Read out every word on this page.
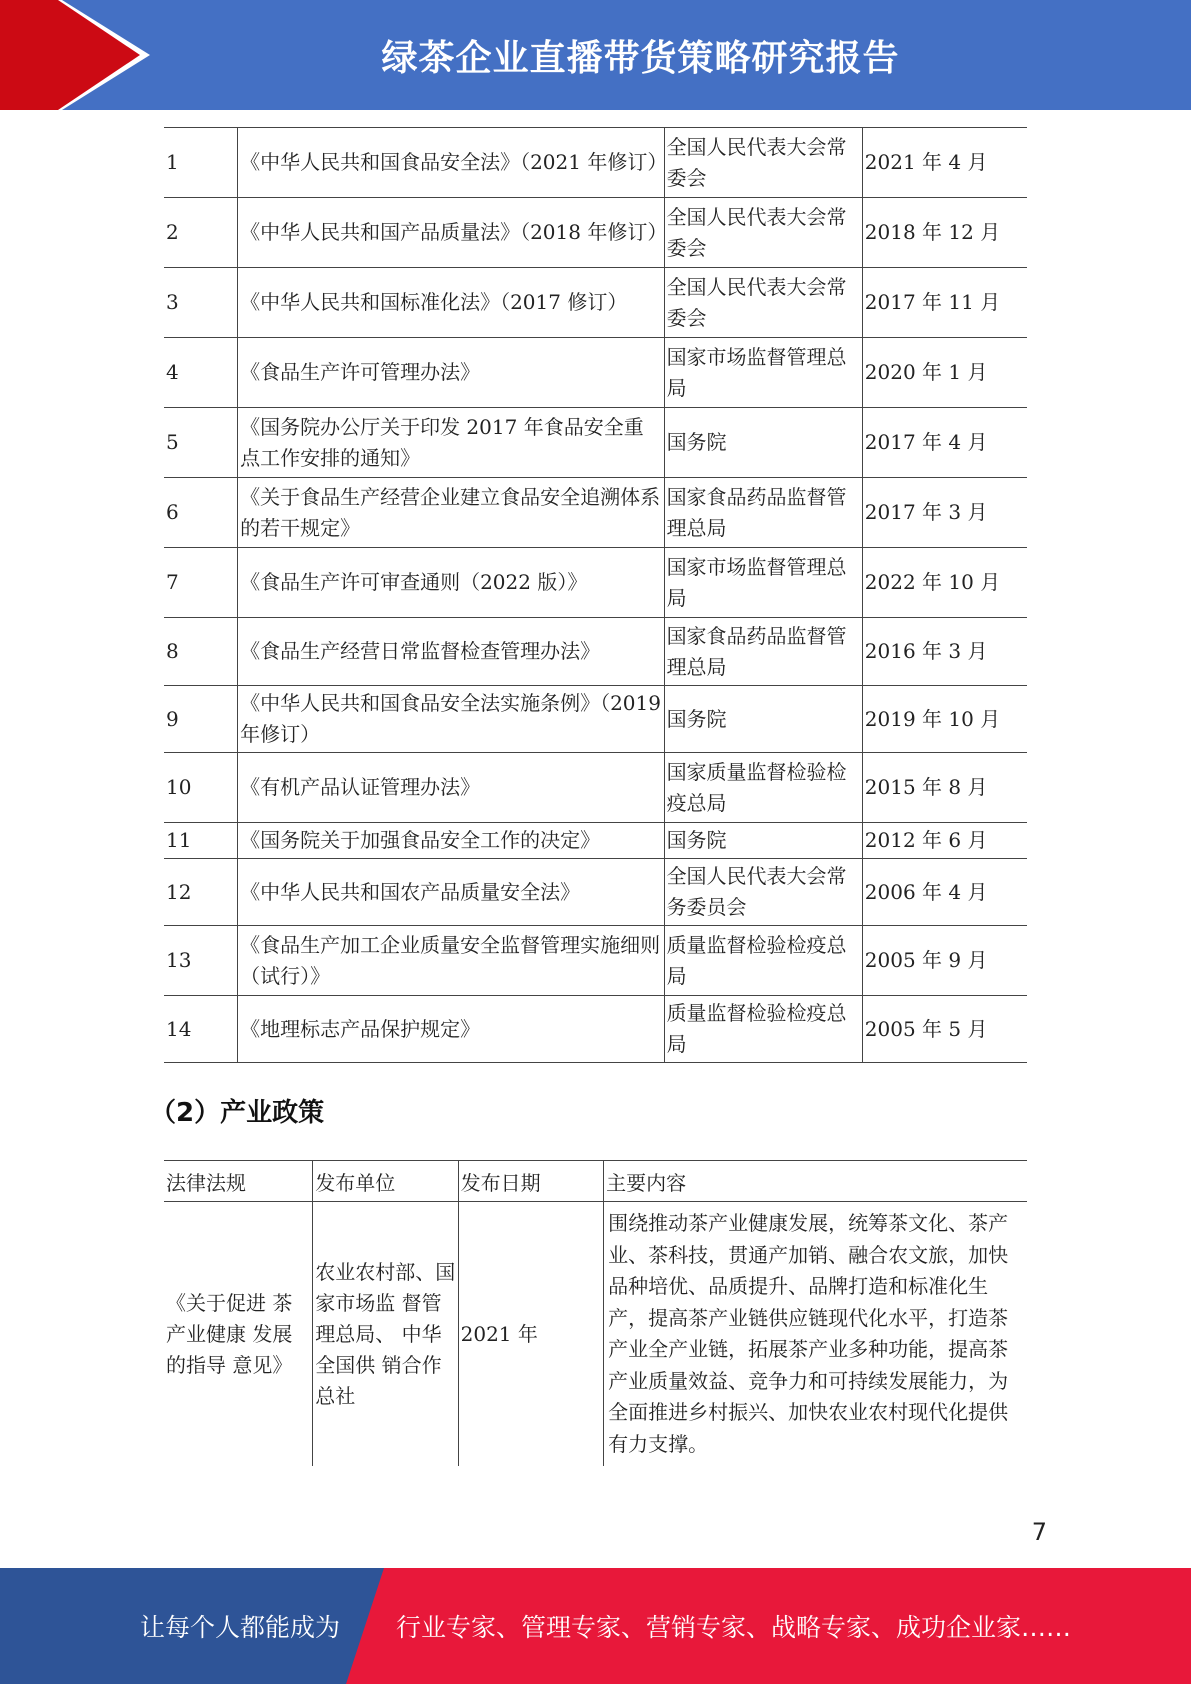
绿茶企业直播带货策略研究报告
1	《中华人民共和国食品安全法》（2021 年修订）	全国人民代表大会常委会	2021 年 4 月
2	《中华人民共和国产品质量法》（2018 年修订）	全国人民代表大会常委会	2018 年 12 月
3	《中华人民共和国标准化法》（2017 修订）	全国人民代表大会常委会	2017 年 11 月
4	《食品生产许可管理办法》	国家市场监督管理总局	2020 年 1 月
5	《国务院办公厅关于印发 2017 年食品安全重点工作安排的通知》	国务院	2017 年 4 月
6	《关于食品生产经营企业建立食品安全追溯体系的若干规定》	国家食品药品监督管理总局	2017 年 3 月
7	《食品生产许可审查通则（2022 版）》	国家市场监督管理总局	2022 年 10 月
8	《食品生产经营日常监督检查管理办法》	国家食品药品监督管理总局	2016 年 3 月
9	《中华人民共和国食品安全法实施条例》（2019 年修订）	国务院	2019 年 10 月
10	《有机产品认证管理办法》	国家质量监督检验检疫总局	2015 年 8 月
11	《国务院关于加强食品安全工作的决定》	国务院	2012 年 6 月
12	《中华人民共和国农产品质量安全法》	全国人民代表大会常务委员会	2006 年 4 月
13	《食品生产加工企业质量安全监督管理实施细则（试行）》	质量监督检验检疫总局	2005 年 9 月
14	《地理标志产品保护规定》	质量监督检验检疫总局	2005 年 5 月
（2）产业政策
法律法规	发布单位	发布日期	主要内容
《关于促进 茶产业健康 发展的指导 意见》	农业农村部、国家市场监 督管理总局、 中华全国供 销合作总社	2021 年	围绕推动茶产业健康发展，统筹茶文化、茶产业、茶科技，贯通产加销、融合农文旅，加快品种培优、品质提升、品牌打造和标准化生产，提高茶产业链供应链现代化水平，打造茶产业全产业链，拓展茶产业多种功能，提高茶产业质量效益、竞争力和可持续发展能力，为全面推进乡村振兴、加快农业农村现代化提供有力支撑。
7
让每个人都能成为 行业专家、管理专家、营销专家、战略专家、成功企业家……
